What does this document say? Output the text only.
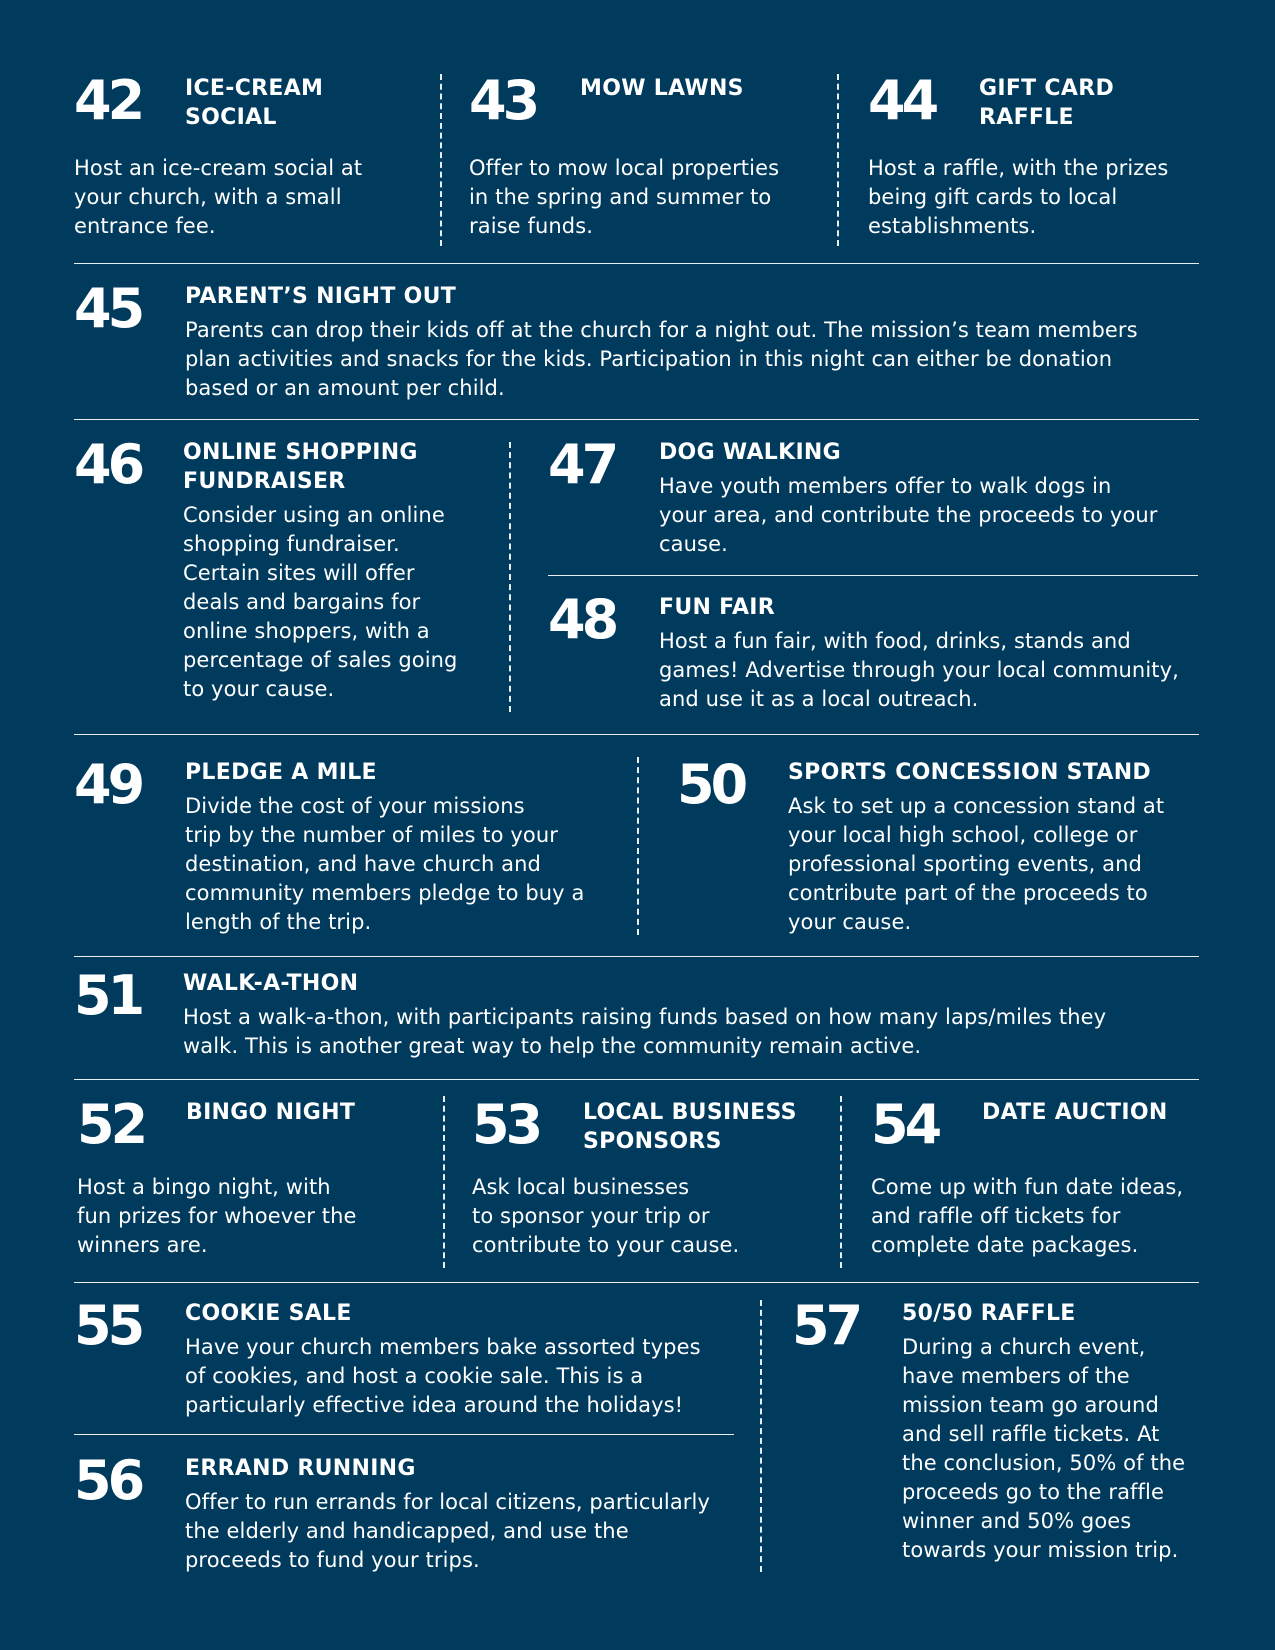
42 ICE-CREAM
SOCIAL
Host an ice-cream social at
your church, with a small
entrance fee.
43 MOW LAWNS
Offer to mow local properties
in the spring and summer to
raise funds.
44 GIFT CARD
RAFFLE
Host a raffle, with the prizes
being gift cards to local
establishments.
45 PARENT’S NIGHT OUT
Parents can drop their kids off at the church for a night out. The mission’s team members
plan activities and snacks for the kids. Participation in this night can either be donation
based or an amount per child.
46 ONLINE SHOPPING
FUNDRAISER
Consider using an online
shopping fundraiser.
Certain sites will offer
deals and bargains for
online shoppers, with a
percentage of sales going
to your cause.
47 DOG WALKING
Have youth members offer to walk dogs in
your area, and contribute the proceeds to your
cause.
48 FUN FAIR
Host a fun fair, with food, drinks, stands and
games! Advertise through your local community,
and use it as a local outreach.
49 PLEDGE A MILE
Divide the cost of your missions
trip by the number of miles to your
destination, and have church and
community members pledge to buy a
length of the trip.
50 SPORTS CONCESSION STAND
Ask to set up a concession stand at
your local high school, college or
professional sporting events, and
contribute part of the proceeds to
your cause.
51 WALK-A-THON
Host a walk-a-thon, with participants raising funds based on how many laps/miles they
walk. This is another great way to help the community remain active.
52 BINGO NIGHT
Host a bingo night, with
fun prizes for whoever the
winners are.
53 LOCAL BUSINESS
SPONSORS
Ask local businesses
to sponsor your trip or
contribute to your cause.
54 DATE AUCTION
Come up with fun date ideas,
and raffle off tickets for
complete date packages.
55 COOKIE SALE
Have your church members bake assorted types
of cookies, and host a cookie sale. This is a
particularly effective idea around the holidays!
56 ERRAND RUNNING
Offer to run errands for local citizens, particularly
the elderly and handicapped, and use the
proceeds to fund your trips.
57 50/50 RAFFLE
During a church event,
have members of the
mission team go around
and sell raffle tickets. At
the conclusion, 50% of the
proceeds go to the raffle
winner and 50% goes
towards your mission trip.
